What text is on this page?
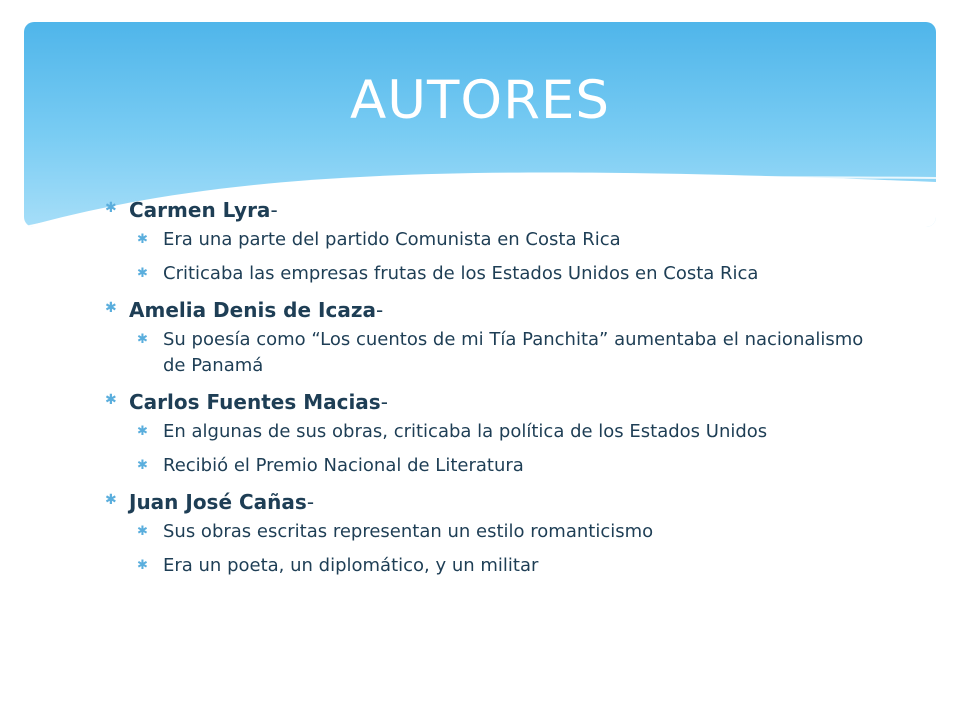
AUTORES
✱ Carmen Lyra-
✱ Era una parte del partido Comunista en Costa Rica
✱ Criticaba las empresas frutas de los Estados Unidos en Costa Rica
✱ Amelia Denis de Icaza-
✱ Su poesía como “Los cuentos de mi Tía Panchita” aumentaba el nacionalismo de Panamá
✱ Carlos Fuentes Macias-
✱ En algunas de sus obras, criticaba la política de los Estados Unidos
✱ Recibió el Premio Nacional de Literatura
✱ Juan José Cañas-
✱ Sus obras escritas representan un estilo romanticismo
✱ Era un poeta, un diplomático, y un militar
